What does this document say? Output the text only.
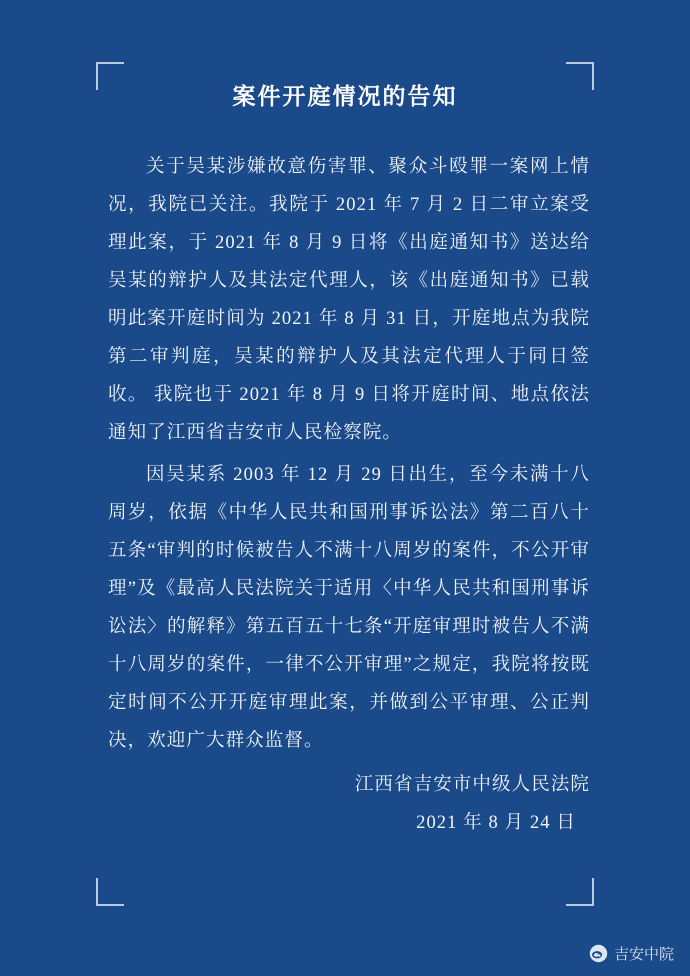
案件开庭情况的告知

关于吴某涉嫌故意伤害罪、聚众斗殴罪一案网上情况，我院已关注。我院于 2021 年 7 月 2 日二审立案受理此案，于 2021 年 8 月 9 日将《出庭通知书》送达给吴某的辩护人及其法定代理人，该《出庭通知书》已载明此案开庭时间为 2021 年 8 月 31 日，开庭地点为我院第二审判庭，吴某的辩护人及其法定代理人于同日签收。 我院也于 2021 年 8 月 9 日将开庭时间、地点依法通知了江西省吉安市人民检察院。

因吴某系 2003 年 12 月 29 日出生，至今未满十八周岁，依据《中华人民共和国刑事诉讼法》第二百八十五条“审判的时候被告人不满十八周岁的案件，不公开审理”及《最高人民法院关于适用〈中华人民共和国刑事诉讼法〉的解释》第五百五十七条“开庭审理时被告人不满十八周岁的案件，一律不公开审理”之规定，我院将按既定时间不公开开庭审理此案，并做到公平审理、公正判决，欢迎广大群众监督。

江西省吉安市中级人民法院
2021 年 8 月 24 日
吉安中院
